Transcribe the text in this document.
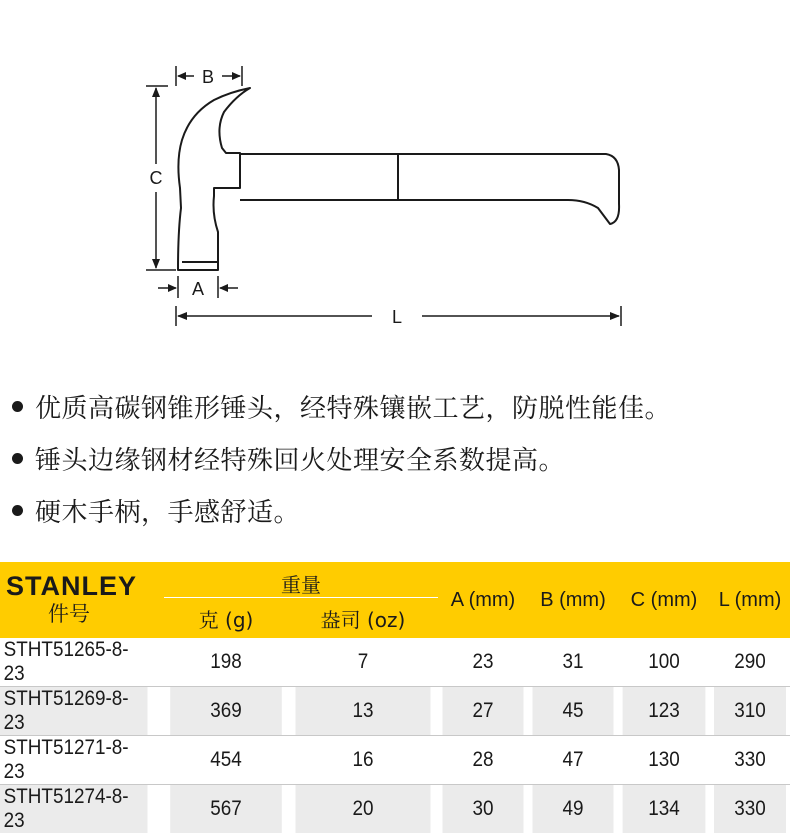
B
C
A
L
优质高碳钢锥形锤头，经特殊镶嵌工艺，防脱性能佳。
锤头边缘钢材经特殊回火处理安全系数提高。
硬木手柄，手感舒适。
STANLEY
件号	重量		A (mm)	B (mm)	C (mm)	L (mm)
	克 (g)	盎司 (oz)				
STHT51265-8-23	198	7	23	31	100	290
STHT51269-8-23	369	13	27	45	123	310
STHT51271-8-23	454	16	28	47	130	330
STHT51274-8-23	567	20	30	49	134	330
